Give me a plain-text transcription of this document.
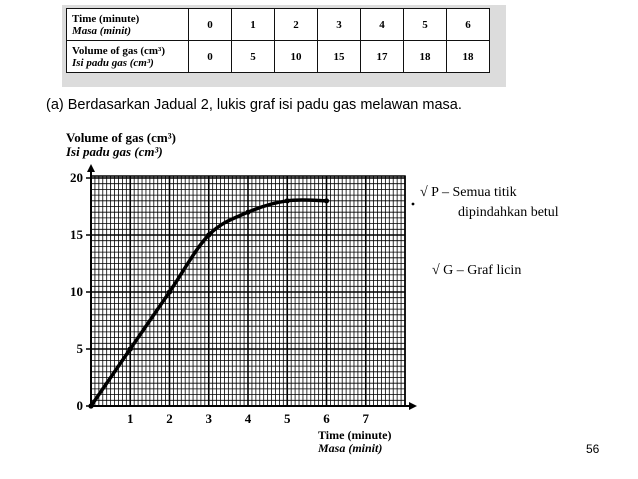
Time (minute)
Masa (minit)	0	1	2	3	4	5	6

Volume of gas (cm³)
Isi padu gas (cm³)	0	5	10	15	17	18	18
(a) Berdasarkan Jadual 2, lukis graf isi padu gas melawan masa.
Volume of gas (cm³)
Isi padu gas (cm³)
0
5
10
15
20
1	2	3	4	5	6	7
Time (minute)
Masa (minit)
√ P – Semua titik
dipindahkan betul
√ G – Graf licin
56
